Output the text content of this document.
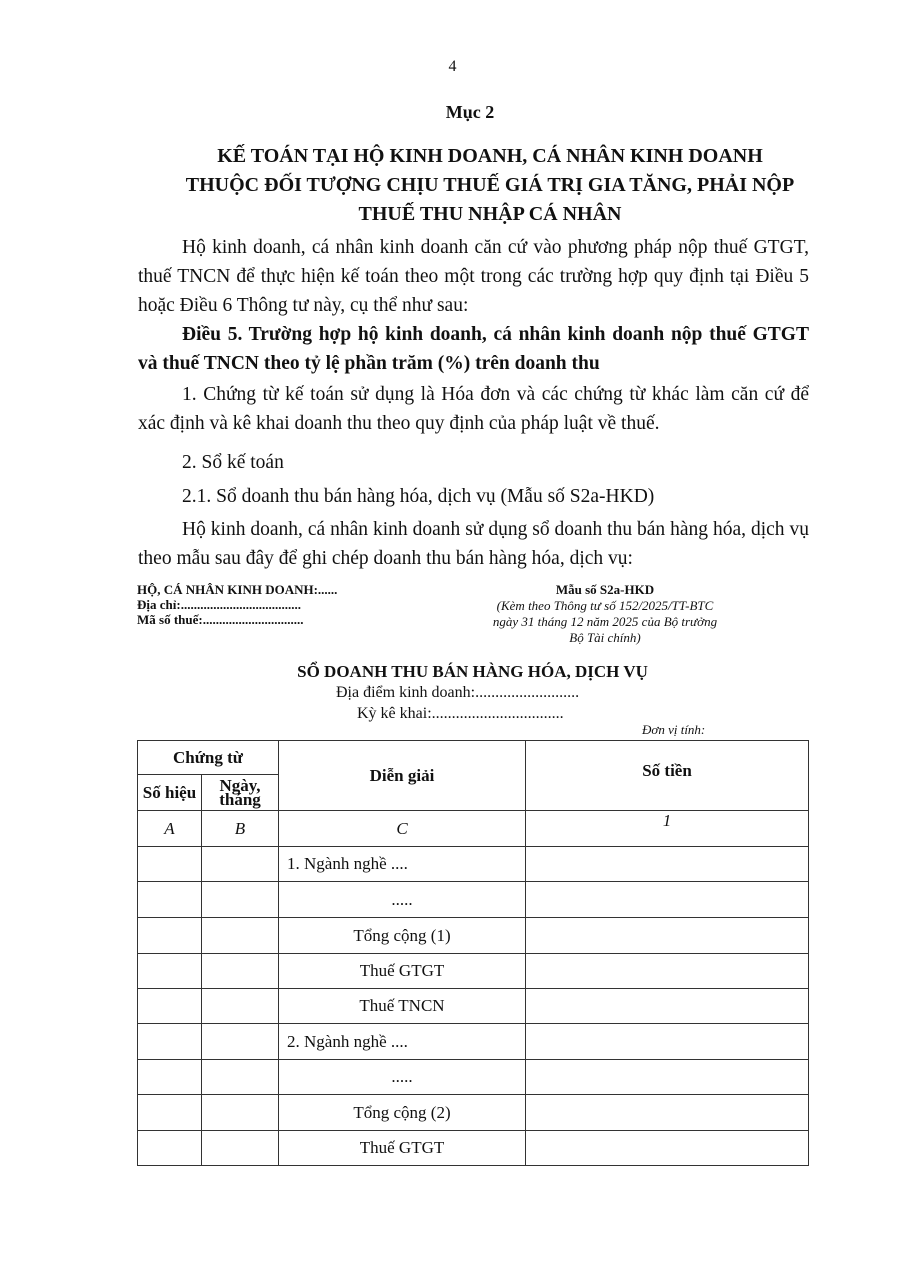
4
Mục 2
KẾ TOÁN TẠI HỘ KINH DOANH, CÁ NHÂN KINH DOANH
THUỘC ĐỐI TƯỢNG CHỊU THUẾ GIÁ TRỊ GIA TĂNG, PHẢI NỘP
THUẾ THU NHẬP CÁ NHÂN
Hộ kinh doanh, cá nhân kinh doanh căn cứ vào phương pháp nộp thuế GTGT, thuế TNCN để thực hiện kế toán theo một trong các trường hợp quy định tại Điều 5 hoặc Điều 6 Thông tư này, cụ thể như sau:
Điều 5. Trường hợp hộ kinh doanh, cá nhân kinh doanh nộp thuế GTGT và thuế TNCN theo tỷ lệ phần trăm (%) trên doanh thu
1. Chứng từ kế toán sử dụng là Hóa đơn và các chứng từ khác làm căn cứ để xác định và kê khai doanh thu theo quy định của pháp luật về thuế.
2. Sổ kế toán
2.1. Sổ doanh thu bán hàng hóa, dịch vụ (Mẫu số S2a-HKD)
Hộ kinh doanh, cá nhân kinh doanh sử dụng sổ doanh thu bán hàng hóa, dịch vụ theo mẫu sau đây để ghi chép doanh thu bán hàng hóa, dịch vụ:
HỘ, CÁ NHÂN KINH DOANH:......
Địa chỉ:.....................................
Mã số thuế:...............................
Mẫu số S2a-HKD
(Kèm theo Thông tư số 152/2025/TT-BTC
ngày 31 tháng 12 năm 2025 của Bộ trưởng
Bộ Tài chính)
SỔ DOANH THU BÁN HÀNG HÓA, DỊCH VỤ
Địa điểm kinh doanh:..........................
Kỳ kê khai:.................................
Đơn vị tính:
Chứng từ		Diễn giải	Số tiền
Số hiệu	Ngày, tháng		
A	B	C	1
		1. Ngành nghề ....	
		.....	
		Tổng cộng (1)	
		Thuế GTGT	
		Thuế TNCN	
		2. Ngành nghề ....	
		.....	
		Tổng cộng (2)	
		Thuế GTGT	
